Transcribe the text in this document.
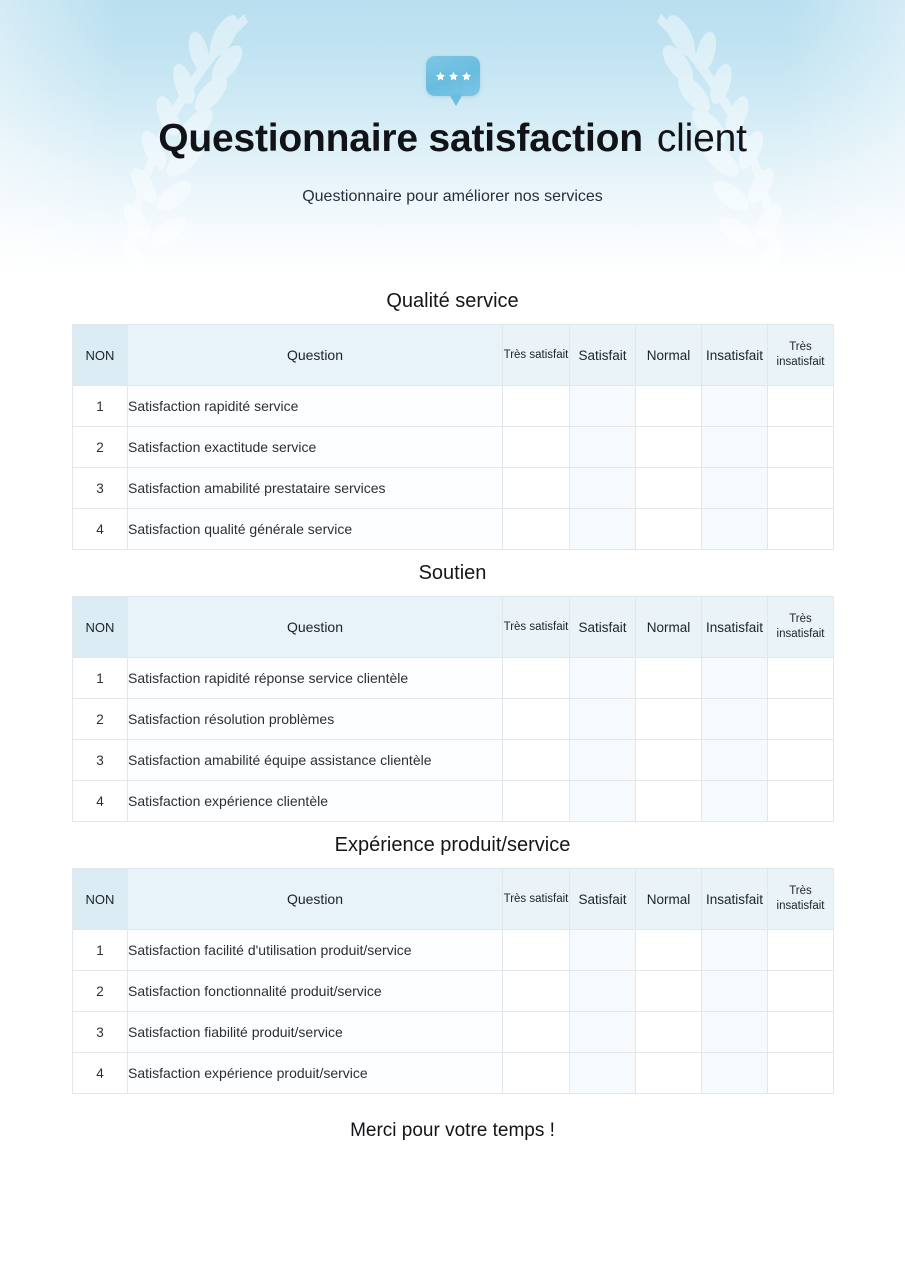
Questionnaire satisfaction client
Questionnaire pour améliorer nos services
Qualité service
NON	Question	Très satisfait	Satisfait	Normal	Insatisfait	Très insatisfait
1	Satisfaction rapidité service					
2	Satisfaction exactitude service					
3	Satisfaction amabilité prestataire services					
4	Satisfaction qualité générale service					
Soutien
NON	Question	Très satisfait	Satisfait	Normal	Insatisfait	Très insatisfait
1	Satisfaction rapidité réponse service clientèle					
2	Satisfaction résolution problèmes					
3	Satisfaction amabilité équipe assistance clientèle					
4	Satisfaction expérience clientèle					
Expérience produit/service
NON	Question	Très satisfait	Satisfait	Normal	Insatisfait	Très insatisfait
1	Satisfaction facilité d'utilisation produit/service					
2	Satisfaction fonctionnalité produit/service					
3	Satisfaction fiabilité produit/service					
4	Satisfaction expérience produit/service					
Merci pour votre temps !
